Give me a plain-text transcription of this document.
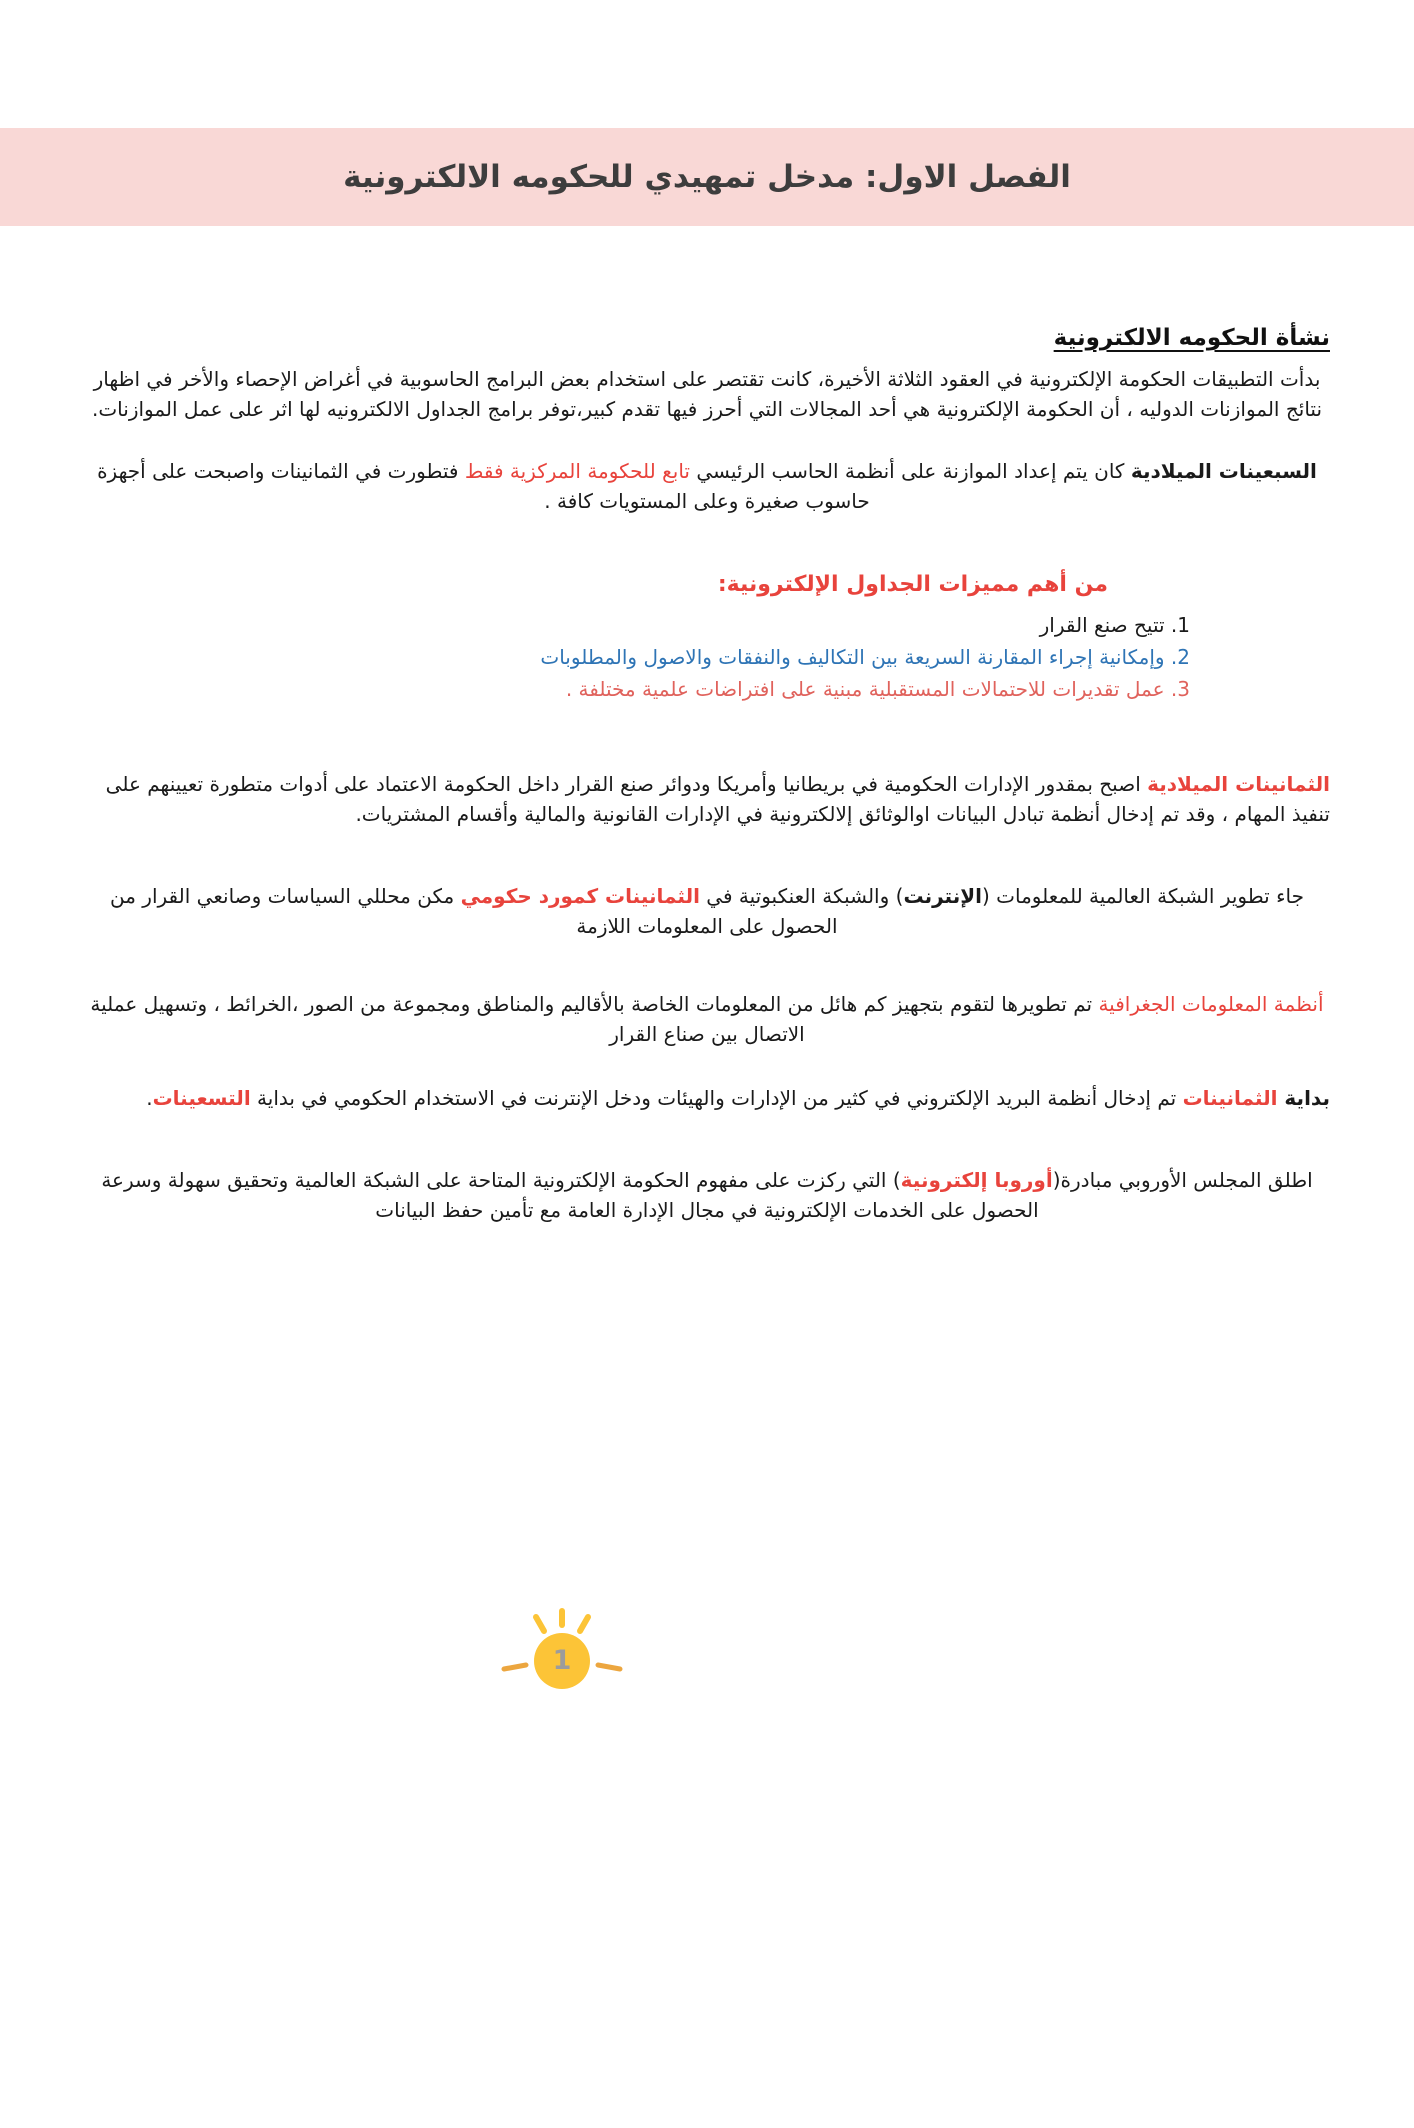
الفصل الاول: مدخل تمهيدي للحكومه الالكترونية
نشأة الحكومه الالكترونية

بدأت التطبيقات الحكومة الإلكترونية في العقود الثلاثة الأخيرة، كانت تقتصر على استخدام بعض البرامج الحاسوبية في أغراض الإحصاء والأخر في اظهار نتائج الموازنات الدوليه ، أن الحكومة الإلكترونية هي أحد المجالات التي أحرز فيها تقدم كبير،توفر برامج الجداول الالكترونيه لها اثر على عمل الموازنات.

السبعينات الميلادية كان يتم إعداد الموازنة على أنظمة الحاسب الرئيسي تابع للحكومة المركزية فقط فتطورت في الثمانينات واصبحت على أجهزة حاسوب صغيرة وعلى المستويات كافة .

من أهم مميزات الجداول الإلكترونية:
1. تتيح صنع القرار
2. وإمكانية إجراء المقارنة السريعة بين التكاليف والنفقات والاصول والمطلوبات
3. عمل تقديرات للاحتمالات المستقبلية مبنية على افتراضات علمية مختلفة .

الثمانينات الميلادية اصبح بمقدور الإدارات الحكومية في بريطانيا وأمريكا ودوائر صنع القرار داخل الحكومة الاعتماد على أدوات متطورة تعيينهم على تنفيذ المهام ، وقد تم إدخال أنظمة تبادل البيانات اوالوثائق إلالكترونية في الإدارات القانونية والمالية وأقسام المشتريات.

جاء تطوير الشبكة العالمية للمعلومات (الإنترنت) والشبكة العنكبوتية في الثمانينات كمورد حكومي مكن محللي السياسات وصانعي القرار من الحصول على المعلومات اللازمة

أنظمة المعلومات الجغرافية تم تطويرها لتقوم بتجهيز كم هائل من المعلومات الخاصة بالأقاليم والمناطق ومجموعة من الصور ،الخرائط ، وتسهيل عملية الاتصال بين صناع القرار

بداية الثمانينات تم إدخال أنظمة البريد الإلكتروني في كثير من الإدارات والهيئات ودخل الإنترنت في الاستخدام الحكومي في بداية التسعينات.

اطلق المجلس الأوروبي مبادرة(أوروبا إلكترونية) التي ركزت على مفهوم الحكومة الإلكترونية المتاحة على الشبكة العالمية وتحقيق سهولة وسرعة الحصول على الخدمات الإلكترونية في مجال الإدارة العامة مع تأمين حفظ البيانات

1
